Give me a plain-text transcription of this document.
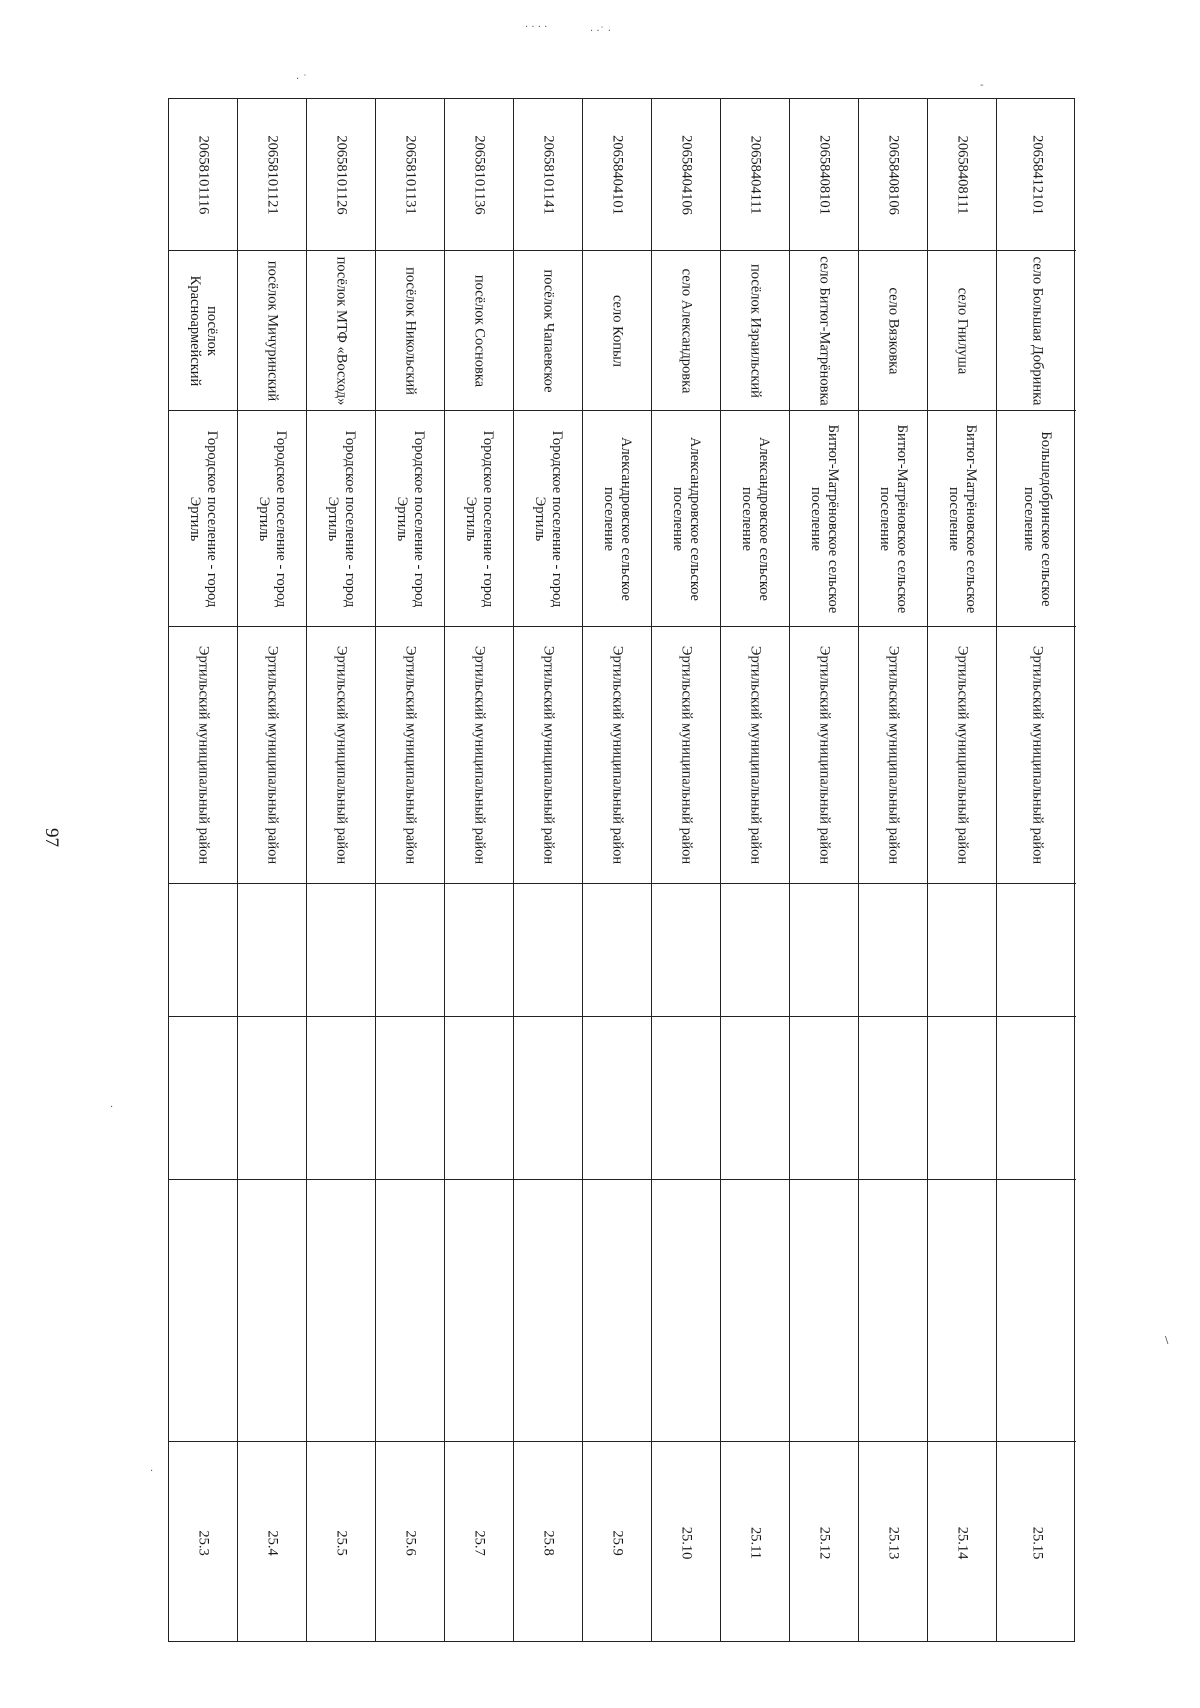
97
20658101116
посёлок Красноармейский
Городское поселение - город Эртиль
Эртильский муниципальный район
25.3
20658101121
посёлок Мичуринский
Городское поселение - город Эртиль
Эртильский муниципальный район
25.4
20658101126
посёлок МТФ «Восход»
Городское поселение - город Эртиль
Эртильский муниципальный район
25.5
20658101131
посёлок Никольский
Городское поселение - город Эртиль
Эртильский муниципальный район
25.6
20658101136
посёлок Сосновка
Городское поселение - город Эртиль
Эртильский муниципальный район
25.7
20658101141
посёлок Чапаевское
Городское поселение - город Эртиль
Эртильский муниципальный район
25.8
20658404101
село Копыл
Александровское сельское поселение
Эртильский муниципальный район
25.9
20658404106
село Александровка
Александровское сельское поселение
Эртильский муниципальный район
25.10
20658404111
посёлок Израильский
Александровское сельское поселение
Эртильский муниципальный район
25.11
20658408101
село Битюг-Матрёновка
Битюг-Матрёновское сельское поселение
Эртильский муниципальный район
25.12
20658408106
село Вязковка
Битюг-Матрёновское сельское поселение
Эртильский муниципальный район
25.13
20658408111
село Гнилуша
Битюг-Матрёновское сельское поселение
Эртильский муниципальный район
25.14
20658412101
село Большая Добринка
Большедобринское сельское поселение
Эртильский муниципальный район
25.15
· · · ·	· ·˙ ·
· ˙
-
\
·
·
